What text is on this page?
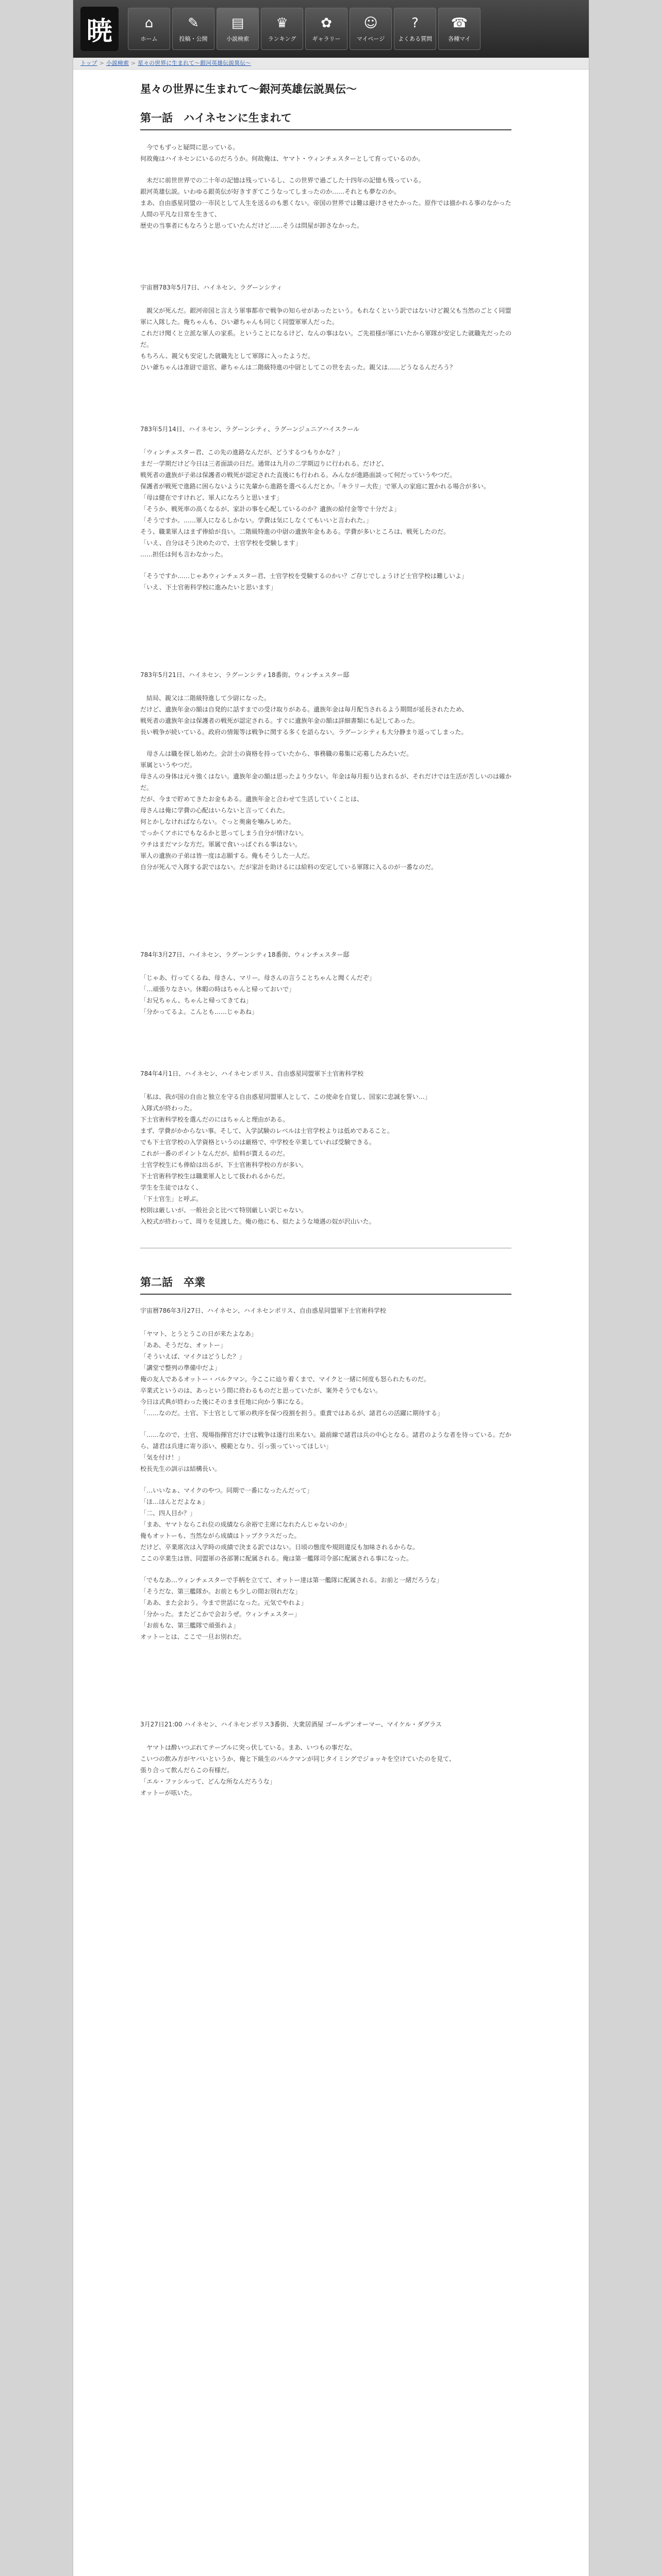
暁	⌂
ホーム
✎
投稿・公開
▤
小説検索
♛
ランキング
✿
ギャラリー
☺
マイページ
?
よくある質問
☎
各種マイ
トップ > 小説検索 > 星々の世界に生まれて～銀河英雄伝説異伝～
星々の世界に生まれて～銀河英雄伝説異伝～
第一話　ハイネセンに生まれて

　今でもずっと疑問に思っている。
何故俺はハイネセンにいるのだろうか。何故俺は、ヤマト・ウィンチェスターとして育っているのか。

　未だに前世世界での二十年の記憶は残っているし、この世界で過ごした十四年の記憶も残っている。
銀河英雄伝説。いわゆる銀英伝が好きすぎてこうなってしまったのか……それとも夢なのか。
まあ、自由惑星同盟の一市民として人生を送るのも悪くない。帝国の世界では難は避けさせたかった。原作では描かれる事のなかった人間の平凡な日常を生きて、
歴史の当事者にもなろうと思っていたんだけど……そうは問屋が卸さなかった。

宇宙暦783年5月7日、ハイネセン、ラグーンシティ

　親父が死んだ。銀河帝国と言えう軍事都市で戦争の知らせがあったという。もれなくという訳ではないけど親父も当然のごとく同盟軍に入隊した。俺ちゃんも、ひい爺ちゃんも同じく同盟軍軍人だった。
これだけ聞くと立派な軍人の家系。ということになるけど、なんの事はない。ご先祖様が軍にいたから軍隊が安定した就職先だったのだ。
もちろん、親父も安定した就職先として軍隊に入ったようだ。
ひい爺ちゃんは准尉で退官、爺ちゃんは二階級特進の中尉としてこの世を去った。親父は……どうなるんだろう？

783年5月14日、ハイネセン、ラグーンシティ、ラグーンジュニアハイスクール

「ウィンチェスター君、この先の進路なんだが、どうするつもりかな？」
まだ一学期だけど今日は三者面談の日だ。通常は九月の二学期辺りに行われる。だけど、
戦死者の遺族が子弟は保護者の戦死が認定された直後にも行われる。みんなが進路面談って何だっていうやつだ。
保護者が戦死で進路に困らないように先輩から進路を選べるんだとか。「キラリー大佐」で軍人の家庭に置かれる場合が多い。
「母は健在ですけれど、軍人になろうと思います」
「そうか、戦死率の高くなるが、家計の事を心配しているのか？遺族の給付金等で十分だよ」
「そうですか。……軍人になるしかない。学費は気にしなくてもいいと言われた。」
そう、職業軍人はまず俸給が良い。二階級特進の中尉の遺族年金もある。学費が多いところは、戦死したのだ。
「いえ、自分はそう決めたので、士官学校を受験します」
……担任は何も言わなかった。

「そうですか……じゃあウィンチェスター君、士官学校を受験するのかい？ご存じでしょうけど士官学校は難しいよ」
「いえ、下士官術科学校に進みたいと思います」

783年5月21日、ハイネセン、ラグーンシティ18番街、ウィンチェスター邸

　結局、親父は二階級特進して少尉になった。
だけど、遺族年金の額は自発的に話すまでの受け取りがある。遺族年金は毎月配当されるよう期間が延長されたため、
戦死者の遺族年金は保護者の戦死が認定される。すぐに遺族年金の額は詳細書類にも記してあった。
長い戦争が続いている。政府の情報等は戦争に関する多くを語らない。ラグーンシティも大分静まり返ってしまった。

　母さんは職を探し始めた。会計士の資格を持っていたから、事務職の募集に応募したみたいだ。
軍属というやつだ。
母さんの身体は元々強くはない。遺族年金の額は思ったより少ない。年金は毎月振り込まれるが、それだけでは生活が苦しいのは確かだ。
だが、今まで貯めてきたお金もある。遺族年金と合わせて生活していくことは、
母さんは俺に学費の心配はいらないと言ってくれた。
何とかしなければならない。ぐっと奥歯を噛みしめた。
でっかくアホにでもなるかと思ってしまう自分が情けない。
ウチはまだマシな方だ。軍属で食いっぱぐれる事はない。
軍人の遺族の子弟は皆一度は志願する。俺もそうした一人だ。
自分が死んで入隊する訳ではない。だが家計を助けるには給料の安定している軍隊に入るのが一番なのだ。

784年3月27日、ハイネセン、ラグーンシティ18番街、ウィンチェスター邸

「じゃあ、行ってくるね、母さん、マリー。母さんの言うことちゃんと聞くんだぞ」
「…頑張りなさい。休暇の時はちゃんと帰っておいで」
「お兄ちゃん、ちゃんと帰ってきてね」
「分かってるよ。こんとも……じゃあね」

784年4月1日、ハイネセン、ハイネセンポリス、自由惑星同盟軍下士官術科学校

「私は、我が国の自由と独立を守る自由惑星同盟軍人として、この使命を自覚し、国家に忠誠を誓い…」
入隊式が終わった。
下士官術科学校を選んだのにはちゃんと理由がある。
まず、学費がかからない事。そして、入学試験のレベルは士官学校よりは低めであること。
でも下士官学校の入学資格というのは厳格で、中学校を卒業していれば受験できる。
これが一番のポイントなんだが、給料が貰えるのだ。
士官学校生にも俸給は出るが、下士官術科学校の方が多い。
下士官術科学校生は職業軍人として扱われるからだ。
学生を生徒ではなく、
「下士官生」と呼ぶ。
校則は厳しいが、一般社会と比べて特別厳しい訳じゃない。
入校式が終わって、周りを見渡した。俺の他にも、似たような境遇の奴が沢山いた。

第二話　卒業
宇宙暦786年3月27日、ハイネセン、ハイネセンポリス、自由惑星同盟軍下士官術科学校

「ヤマト、とうとうこの日が来たよなあ」
「ああ、そうだな、オットー」
「そういえば、マイクはどうした？」
「講堂で整列の準備中だよ」
俺の友人であるオットー・バルクマン。今ここに辿り着くまで、マイクと一緒に何度も怒られたものだ。
卒業式というのは、あっという間に終わるものだと思っていたが、案外そうでもない。
今日は式典が終わった後にそのまま任地に向かう事になる。
「……なのだ。士官、下士官として軍の秩序を保つ役割を担う。重責ではあるが、諸君らの活躍に期待する」

「……なので、士官、現場指揮官だけでは戦争は遂行出来ない。最前線で諸君は兵の中心となる。諸君のような者を待っている。だから、諸君は兵達に寄り添い、模範となり、引っ張っていってほしい」
「気を付け！」
校長先生の訓示は結構長い。

「…いいなぁ、マイクのやつ。同期で一番になったんだって」
「ほ…ほんとだよなぁ」
「二、四人目か？」
「まあ、ヤマトならこれ位の成績なら余裕で主席になれたんじゃないのか」
俺もオットーも、当然ながら成績はトップクラスだった。
だけど、卒業席次は入学時の成績で決まる訳ではない。日頃の態度や規則違反も加味されるからな。
ここの卒業生は皆、同盟軍の各部署に配属される。俺は第一艦隊司令部に配属される事になった。

「でもなあ…ウィンチェスターで手柄を立てて、オットー達は第一艦隊に配属される。お前と一緒だろうな」
「そうだな、第三艦隊か。お前とも少しの間お別れだな」
「ああ、また会おう。今まで世話になった。元気でやれよ」
「分かった。またどこかで会おうぜ。ウィンチェスター」
「お前もな、第三艦隊で頑張れよ」
オットーとは、ここで一旦お別れだ。

3月27日21:00 ハイネセン、ハイネセンポリス3番街、大衆居酒屋 ゴールデンオーマー、マイケル・ダグラス

　ヤマトは酔いつぶれてテーブルに突っ伏している。まあ、いつもの事だな。
こいつの飲み方がヤバいというか、俺と下級生のバルクマンが同じタイミングでジョッキを空けていたのを見て、
張り合って飲んだらこの有様だ。
「エル・ファシルって、どんな所なんだろうな」
オットーが呟いた。
